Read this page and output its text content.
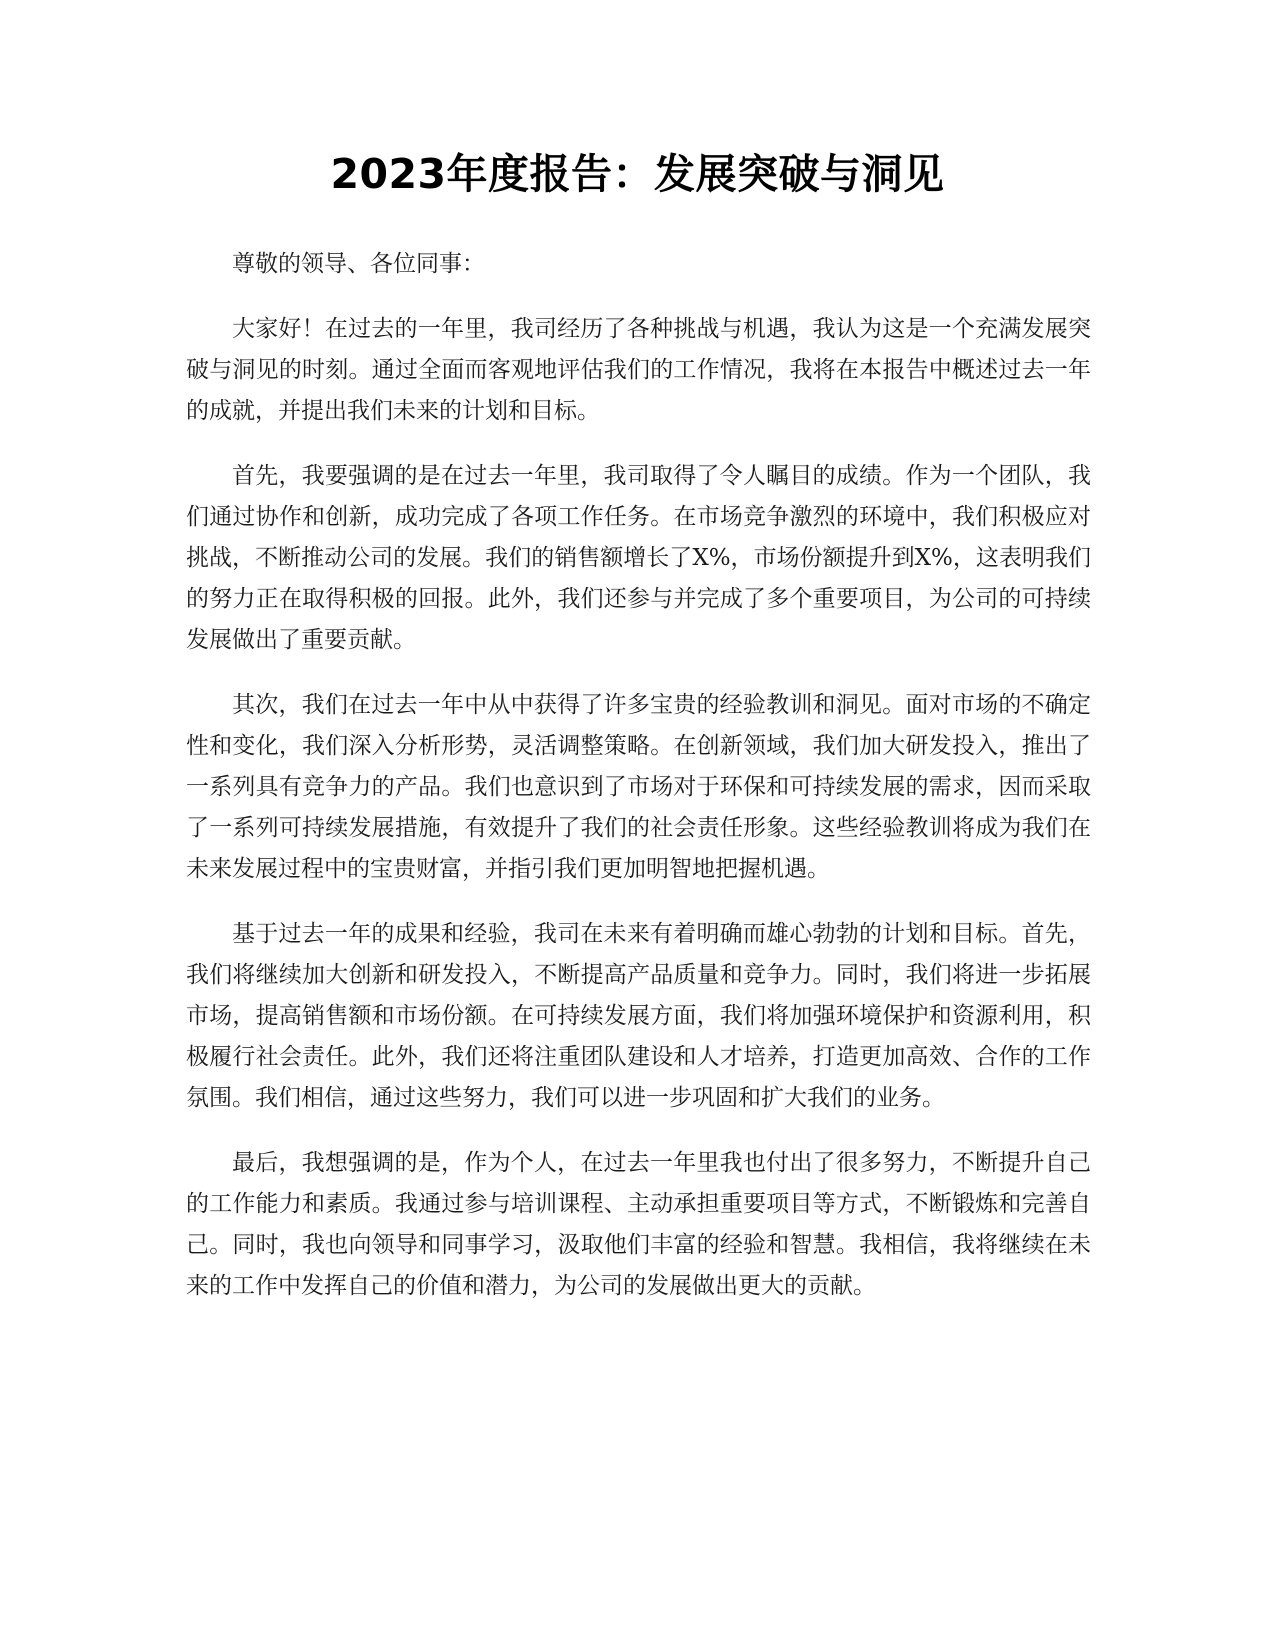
2023年度报告：发展突破与洞见

尊敬的领导、各位同事：

大家好！在过去的一年里，我司经历了各种挑战与机遇，我认为这是一个充满发展突破与洞见的时刻。通过全面而客观地评估我们的工作情况，我将在本报告中概述过去一年的成就，并提出我们未来的计划和目标。

首先，我要强调的是在过去一年里，我司取得了令人瞩目的成绩。作为一个团队，我们通过协作和创新，成功完成了各项工作任务。在市场竞争激烈的环境中，我们积极应对挑战，不断推动公司的发展。我们的销售额增长了X%，市场份额提升到X%，这表明我们的努力正在取得积极的回报。此外，我们还参与并完成了多个重要项目，为公司的可持续发展做出了重要贡献。

其次，我们在过去一年中从中获得了许多宝贵的经验教训和洞见。面对市场的不确定性和变化，我们深入分析形势，灵活调整策略。在创新领域，我们加大研发投入，推出了一系列具有竞争力的产品。我们也意识到了市场对于环保和可持续发展的需求，因而采取了一系列可持续发展措施，有效提升了我们的社会责任形象。这些经验教训将成为我们在未来发展过程中的宝贵财富，并指引我们更加明智地把握机遇。

基于过去一年的成果和经验，我司在未来有着明确而雄心勃勃的计划和目标。首先，我们将继续加大创新和研发投入，不断提高产品质量和竞争力。同时，我们将进一步拓展市场，提高销售额和市场份额。在可持续发展方面，我们将加强环境保护和资源利用，积极履行社会责任。此外，我们还将注重团队建设和人才培养，打造更加高效、合作的工作氛围。我们相信，通过这些努力，我们可以进一步巩固和扩大我们的业务。

最后，我想强调的是，作为个人，在过去一年里我也付出了很多努力，不断提升自己的工作能力和素质。我通过参与培训课程、主动承担重要项目等方式，不断锻炼和完善自己。同时，我也向领导和同事学习，汲取他们丰富的经验和智慧。我相信，我将继续在未来的工作中发挥自己的价值和潜力，为公司的发展做出更大的贡献。
